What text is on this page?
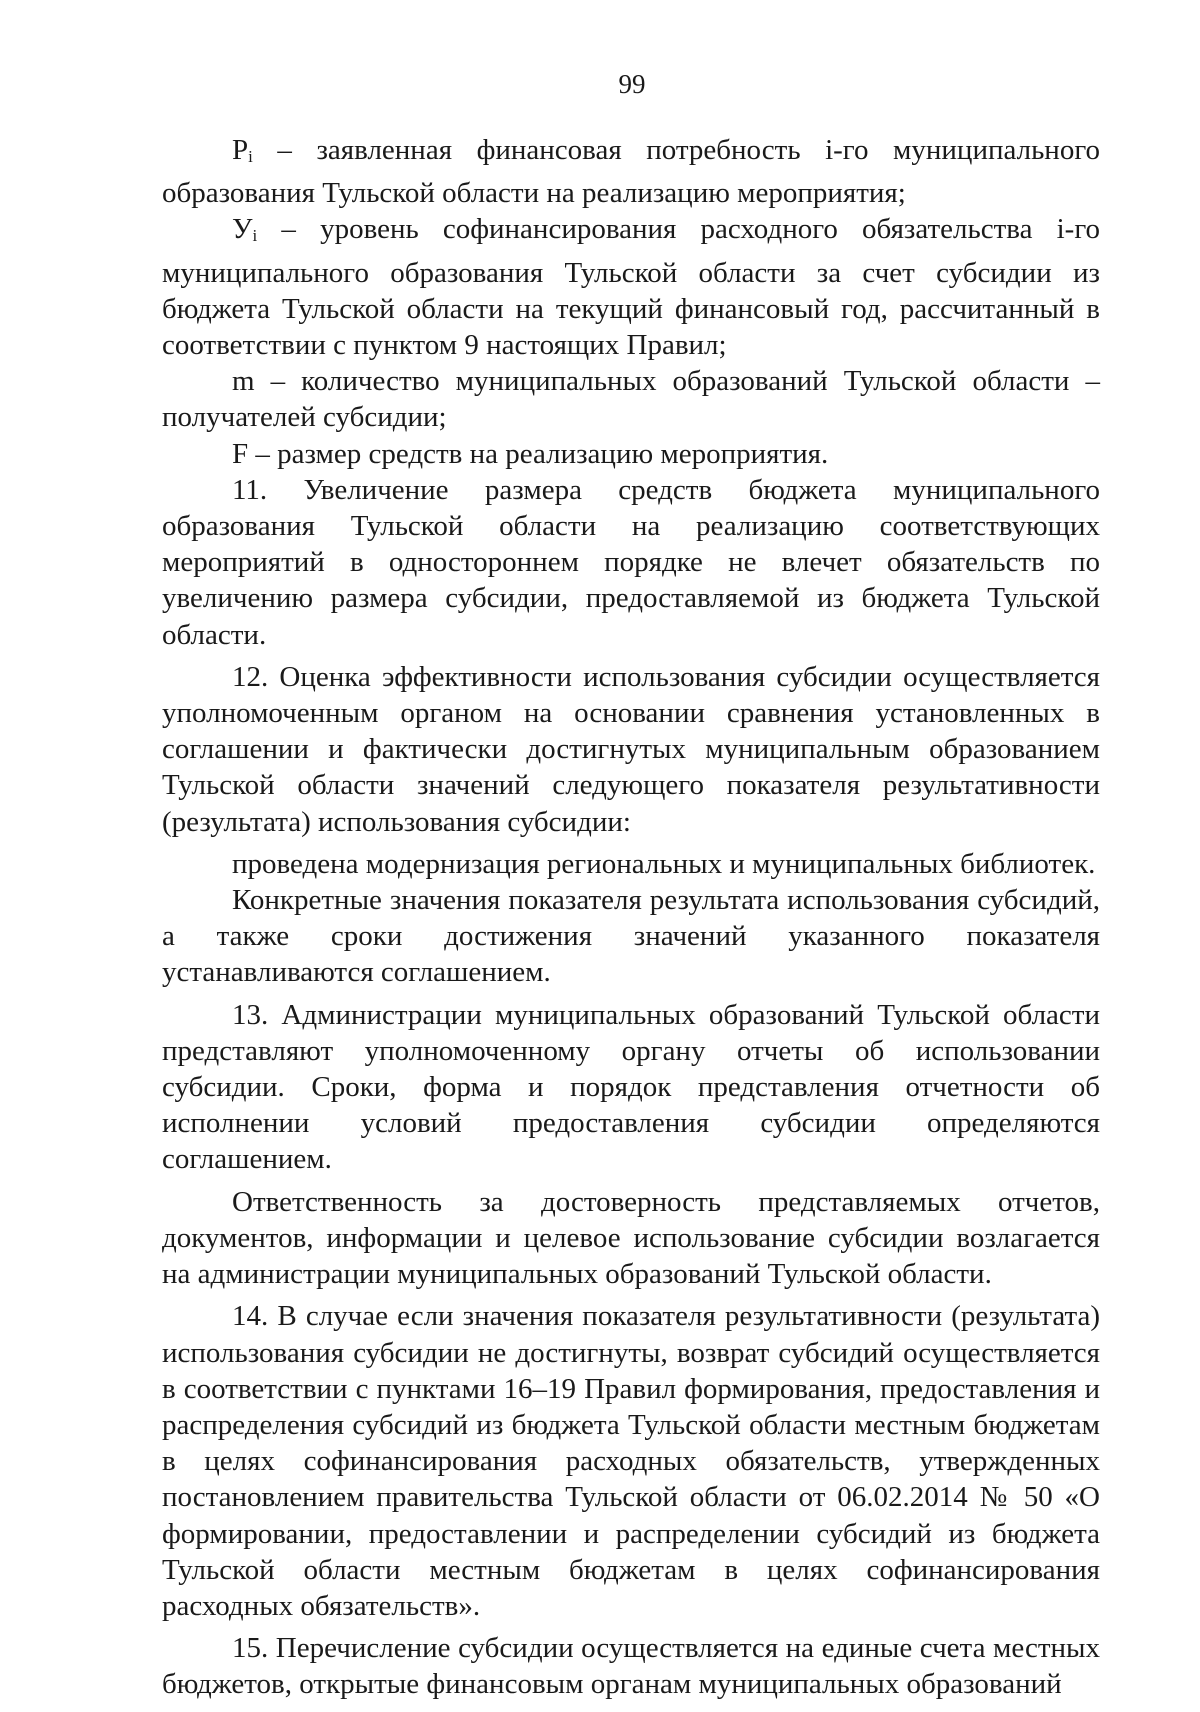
99

Pi – заявленная финансовая потребность i-го муниципального образования Тульской области на реализацию мероприятия;

Уi – уровень софинансирования расходного обязательства i-го муниципального образования Тульской области за счет субсидии из бюджета Тульской области на текущий финансовый год, рассчитанный в соответствии с пунктом 9 настоящих Правил;

m – количество муниципальных образований Тульской области – получателей субсидии;

F – размер средств на реализацию мероприятия.

11. Увеличение размера средств бюджета муниципального образования Тульской области на реализацию соответствующих мероприятий в одностороннем порядке не влечет обязательств по увеличению размера субсидии, предоставляемой из бюджета Тульской области.

12. Оценка эффективности использования субсидии осуществляется уполномоченным органом на основании сравнения установленных в соглашении и фактически достигнутых муниципальным образованием Тульской области значений следующего показателя результативности (результата) использования субсидии:

проведена модернизация региональных и муниципальных библиотек.

Конкретные значения показателя результата использования субсидий, а также сроки достижения значений указанного показателя устанавливаются соглашением.

13. Администрации муниципальных образований Тульской области представляют уполномоченному органу отчеты об использовании субсидии. Сроки, форма и порядок представления отчетности об исполнении условий предоставления субсидии определяются соглашением.

Ответственность за достоверность представляемых отчетов, документов, информации и целевое использование субсидии возлагается на администрации муниципальных образований Тульской области.

14. В случае если значения показателя результативности (результата) использования субсидии не достигнуты, возврат субсидий осуществляется в соответствии с пунктами 16–19 Правил формирования, предоставления и распределения субсидий из бюджета Тульской области местным бюджетам в целях софинансирования расходных обязательств, утвержденных постановлением правительства Тульской области от 06.02.2014 № 50 «О формировании, предоставлении и распределении субсидий из бюджета Тульской области местным бюджетам в целях софинансирования расходных обязательств».

15. Перечисление субсидии осуществляется на единые счета местных бюджетов, открытые финансовым органам муниципальных образований
